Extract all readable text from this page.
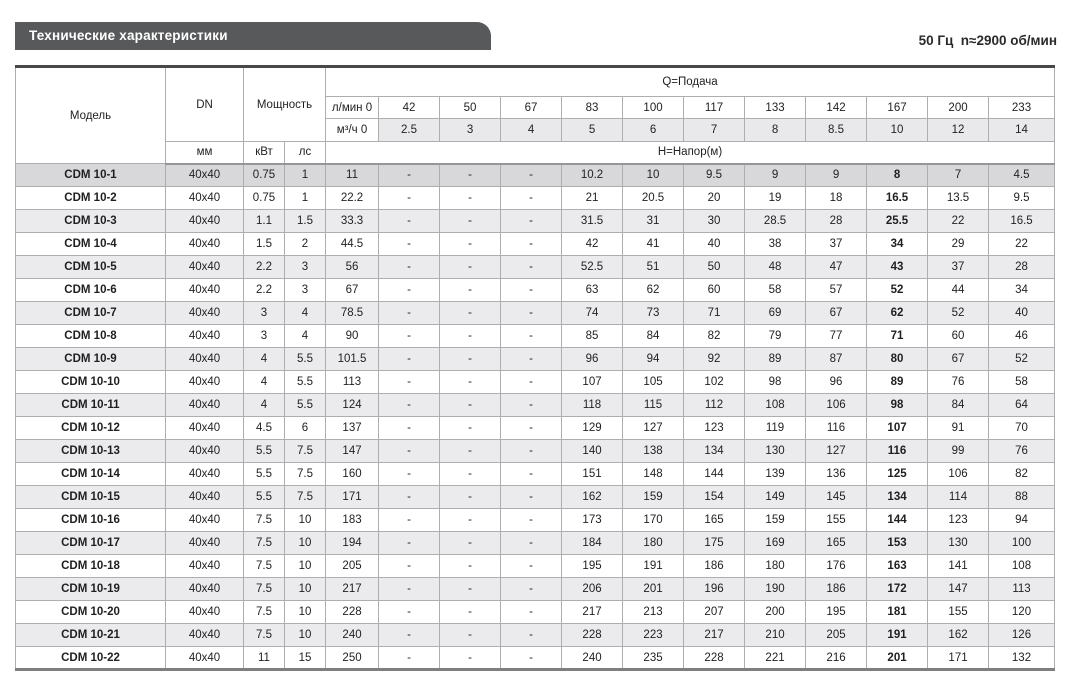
Технические характеристики	50 Гц  n≈2900 об/мин
Модель	DN	Мощность		Q=Подача											
				л/мин 0	42	50	67	83	100	117	133	142	167	200	233
				м³/ч 0	2.5	3	4	5	6	7	8	8.5	10	12	14
	мм	кВт	лс	Н=Напор(м)											
CDM 10-1	40x40	0.75	1	11	-	-	-	10.2	10	9.5	9	9	8	7	4.5
CDM 10-2	40x40	0.75	1	22.2	-	-	-	21	20.5	20	19	18	16.5	13.5	9.5
CDM 10-3	40x40	1.1	1.5	33.3	-	-	-	31.5	31	30	28.5	28	25.5	22	16.5
CDM 10-4	40x40	1.5	2	44.5	-	-	-	42	41	40	38	37	34	29	22
CDM 10-5	40x40	2.2	3	56	-	-	-	52.5	51	50	48	47	43	37	28
CDM 10-6	40x40	2.2	3	67	-	-	-	63	62	60	58	57	52	44	34
CDM 10-7	40x40	3	4	78.5	-	-	-	74	73	71	69	67	62	52	40
CDM 10-8	40x40	3	4	90	-	-	-	85	84	82	79	77	71	60	46
CDM 10-9	40x40	4	5.5	101.5	-	-	-	96	94	92	89	87	80	67	52
CDM 10-10	40x40	4	5.5	113	-	-	-	107	105	102	98	96	89	76	58
CDM 10-11	40x40	4	5.5	124	-	-	-	118	115	112	108	106	98	84	64
CDM 10-12	40x40	4.5	6	137	-	-	-	129	127	123	119	116	107	91	70
CDM 10-13	40x40	5.5	7.5	147	-	-	-	140	138	134	130	127	116	99	76
CDM 10-14	40x40	5.5	7.5	160	-	-	-	151	148	144	139	136	125	106	82
CDM 10-15	40x40	5.5	7.5	171	-	-	-	162	159	154	149	145	134	114	88
CDM 10-16	40x40	7.5	10	183	-	-	-	173	170	165	159	155	144	123	94
CDM 10-17	40x40	7.5	10	194	-	-	-	184	180	175	169	165	153	130	100
CDM 10-18	40x40	7.5	10	205	-	-	-	195	191	186	180	176	163	141	108
CDM 10-19	40x40	7.5	10	217	-	-	-	206	201	196	190	186	172	147	113
CDM 10-20	40x40	7.5	10	228	-	-	-	217	213	207	200	195	181	155	120
CDM 10-21	40x40	7.5	10	240	-	-	-	228	223	217	210	205	191	162	126
CDM 10-22	40x40	11	15	250	-	-	-	240	235	228	221	216	201	171	132
